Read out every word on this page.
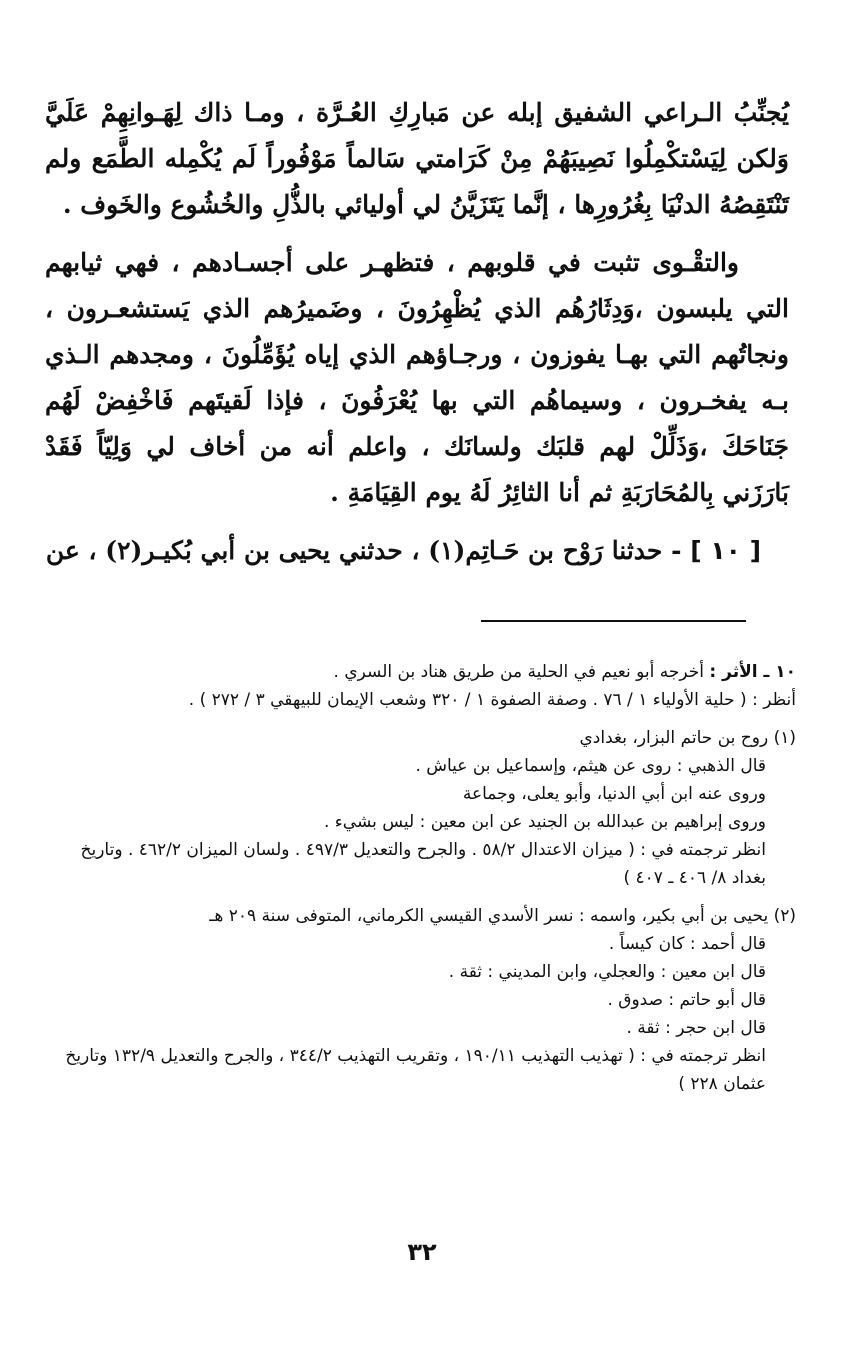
يُجنِّبُ الـراعي الشفيق إبله عن مَبارِكِ العُـرَّة ، ومـا ذاك لِهَـوانِهِمْ عَلَيَّ وَلكن لِيَسْتكْمِلُوا نَصِيبَهُمْ مِنْ كَرَامتي سَالماً مَوْفُوراً لَم يُكْمِله الطَّمَع ولم تَنْتَقِصُهُ الدنْيَا بِغُرُورِها ، إنَّما يَتَزَيَّنُ لي أوليائي بالذُّلِ والخُشُوع والخَوف .

والتقْـوى تثبت في قلوبهم ، فتظهـر على أجسـادهم ، فهي ثيابهم التي يلبسون ،وَدِثَارُهُم الذي يُظْهِرُونَ ، وضَميرُهم الذي يَستشعـرون ، ونجاتُهم التي بهـا يفوزون ، ورجـاؤهم الذي إياه يُؤَمِّلُونَ ، ومجدهم الـذي بـه يفخـرون ، وسيماهُم التي بها يُعْرَفُونَ ، فإذا لَقيتَهم فَاخْفِضْ لَهُم جَنَاحَكَ ،وَذَلِّلْ لهم قلبَك ولسانَك ، واعلم أنه من أخاف لي وَلِيّاً فَقَدْ بَارَزَني بِالمُحَارَبَةِ ثم أنا الثائِرُ لَهُ يوم القِيَامَةِ .

[ ١٠ ] - حدثنا رَوْح بن حَـاتِم(١) ، حدثني يحيى بن أبي بُكيـر(٢) ، عن

١٠ ـ الأثر : أخرجه أبو نعيم في الحلية من طريق هناد بن السري .
أنظر : ( حلية الأولياء ١ / ٧٦ . وصفة الصفوة ١ / ٣٢٠ وشعب الإيمان للبيهقي ٣ / ٢٧٢ ) .
(١) روح بن حاتم البزار، بغدادي
قال الذهبي : روى عن هيثم، وإسماعيل بن عياش .
وروى عنه ابن أبي الدنيا، وأبو يعلى، وجماعة
وروى إبراهيم بن عبدالله بن الجنيد عن ابن معين : ليس بشيء .
انظر ترجمته في : ( ميزان الاعتدال ٥٨/٢ . والجرح والتعديل ٤٩٧/٣ . ولسان الميزان ٤٦٢/٢ . وتاريخ بغداد ٨/ ٤٠٦ ـ ٤٠٧ )
(٢) يحيى بن أبي بكير، واسمه : نسر الأسدي القيسي الكرماني، المتوفى سنة ٢٠٩ هـ
قال أحمد : كان كيساً .
قال ابن معين : والعجلي، وابن المديني : ثقة .
قال أبو حاتم : صدوق .
قال ابن حجر : ثقة .
انظر ترجمته في : ( تهذيب التهذيب ١٩٠/١١ ، وتقريب التهذيب ٣٤٤/٢ ، والجرح والتعديل ١٣٢/٩ وتاريخ عثمان ٢٢٨ )
٣٢
